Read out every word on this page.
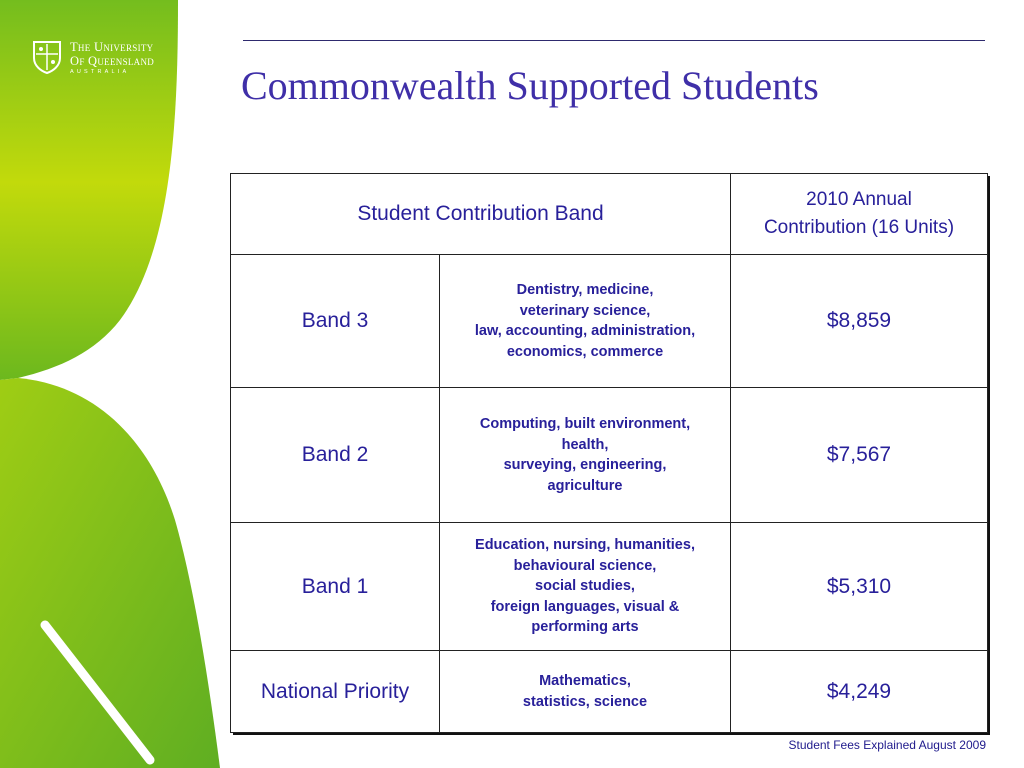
The University
Of Queensland
AUSTRALIA	Commonwealth Supported Students
Student Contribution Band		2010 Annual
Contribution (16 Units)

Band 3	Dentistry, medicine,
veterinary science,
law, accounting, administration,
economics, commerce	$8,859
Band 2	Computing, built environment,
health,
surveying, engineering,
agriculture	$7,567
Band 1	Education, nursing, humanities,
behavioural science,
social studies,
foreign languages, visual &
performing arts	$5,310
National Priority	Mathematics,
statistics, science	$4,249
Student Fees Explained August 2009
